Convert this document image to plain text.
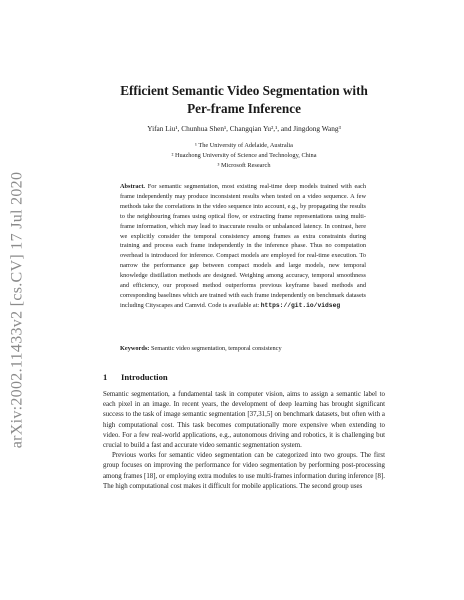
arXiv:2002.11433v2 [cs.CV] 17 Jul 2020
Efficient Semantic Video Segmentation with
Per-frame Inference
Yifan Liu¹, Chunhua Shen¹, Changqian Yu²,¹, and Jingdong Wang³
¹ The University of Adelaide, Australia
² Huazhong University of Science and Technology, China
³ Microsoft Research
Abstract. For semantic segmentation, most existing real-time deep models trained with each frame independently may produce inconsistent results when tested on a video sequence. A few methods take the correlations in the video sequence into account, e.g., by propagating the results to the neighbouring frames using optical flow, or extracting frame representations using multi-frame information, which may lead to inaccurate results or unbalanced latency. In contrast, here we explicitly consider the temporal consistency among frames as extra constraints during training and process each frame independently in the inference phase. Thus no computation overhead is introduced for inference. Compact models are employed for real-time execution. To narrow the performance gap between compact models and large models, new temporal knowledge distillation methods are designed. Weighing among accuracy, temporal smoothness and efficiency, our proposed method outperforms previous keyframe based methods and corresponding baselines which are trained with each frame independently on benchmark datasets including Cityscapes and Camvid. Code is available at: https://git.io/vidseg
Keywords: Semantic video segmentation, temporal consistency
1 Introduction

Semantic segmentation, a fundamental task in computer vision, aims to assign a semantic label to each pixel in an image. In recent years, the development of deep learning has brought significant success to the task of image semantic segmentation [37,31,5] on benchmark datasets, but often with a high computational cost. This task becomes computationally more expensive when extending to video. For a few real-world applications, e.g., autonomous driving and robotics, it is challenging but crucial to build a fast and accurate video semantic segmentation system.

Previous works for semantic video segmentation can be categorized into two groups. The first group focuses on improving the performance for video segmentation by performing post-processing among frames [18], or employing extra modules to use multi-frames information during inference [8]. The high computational cost makes it difficult for mobile applications. The second group uses
